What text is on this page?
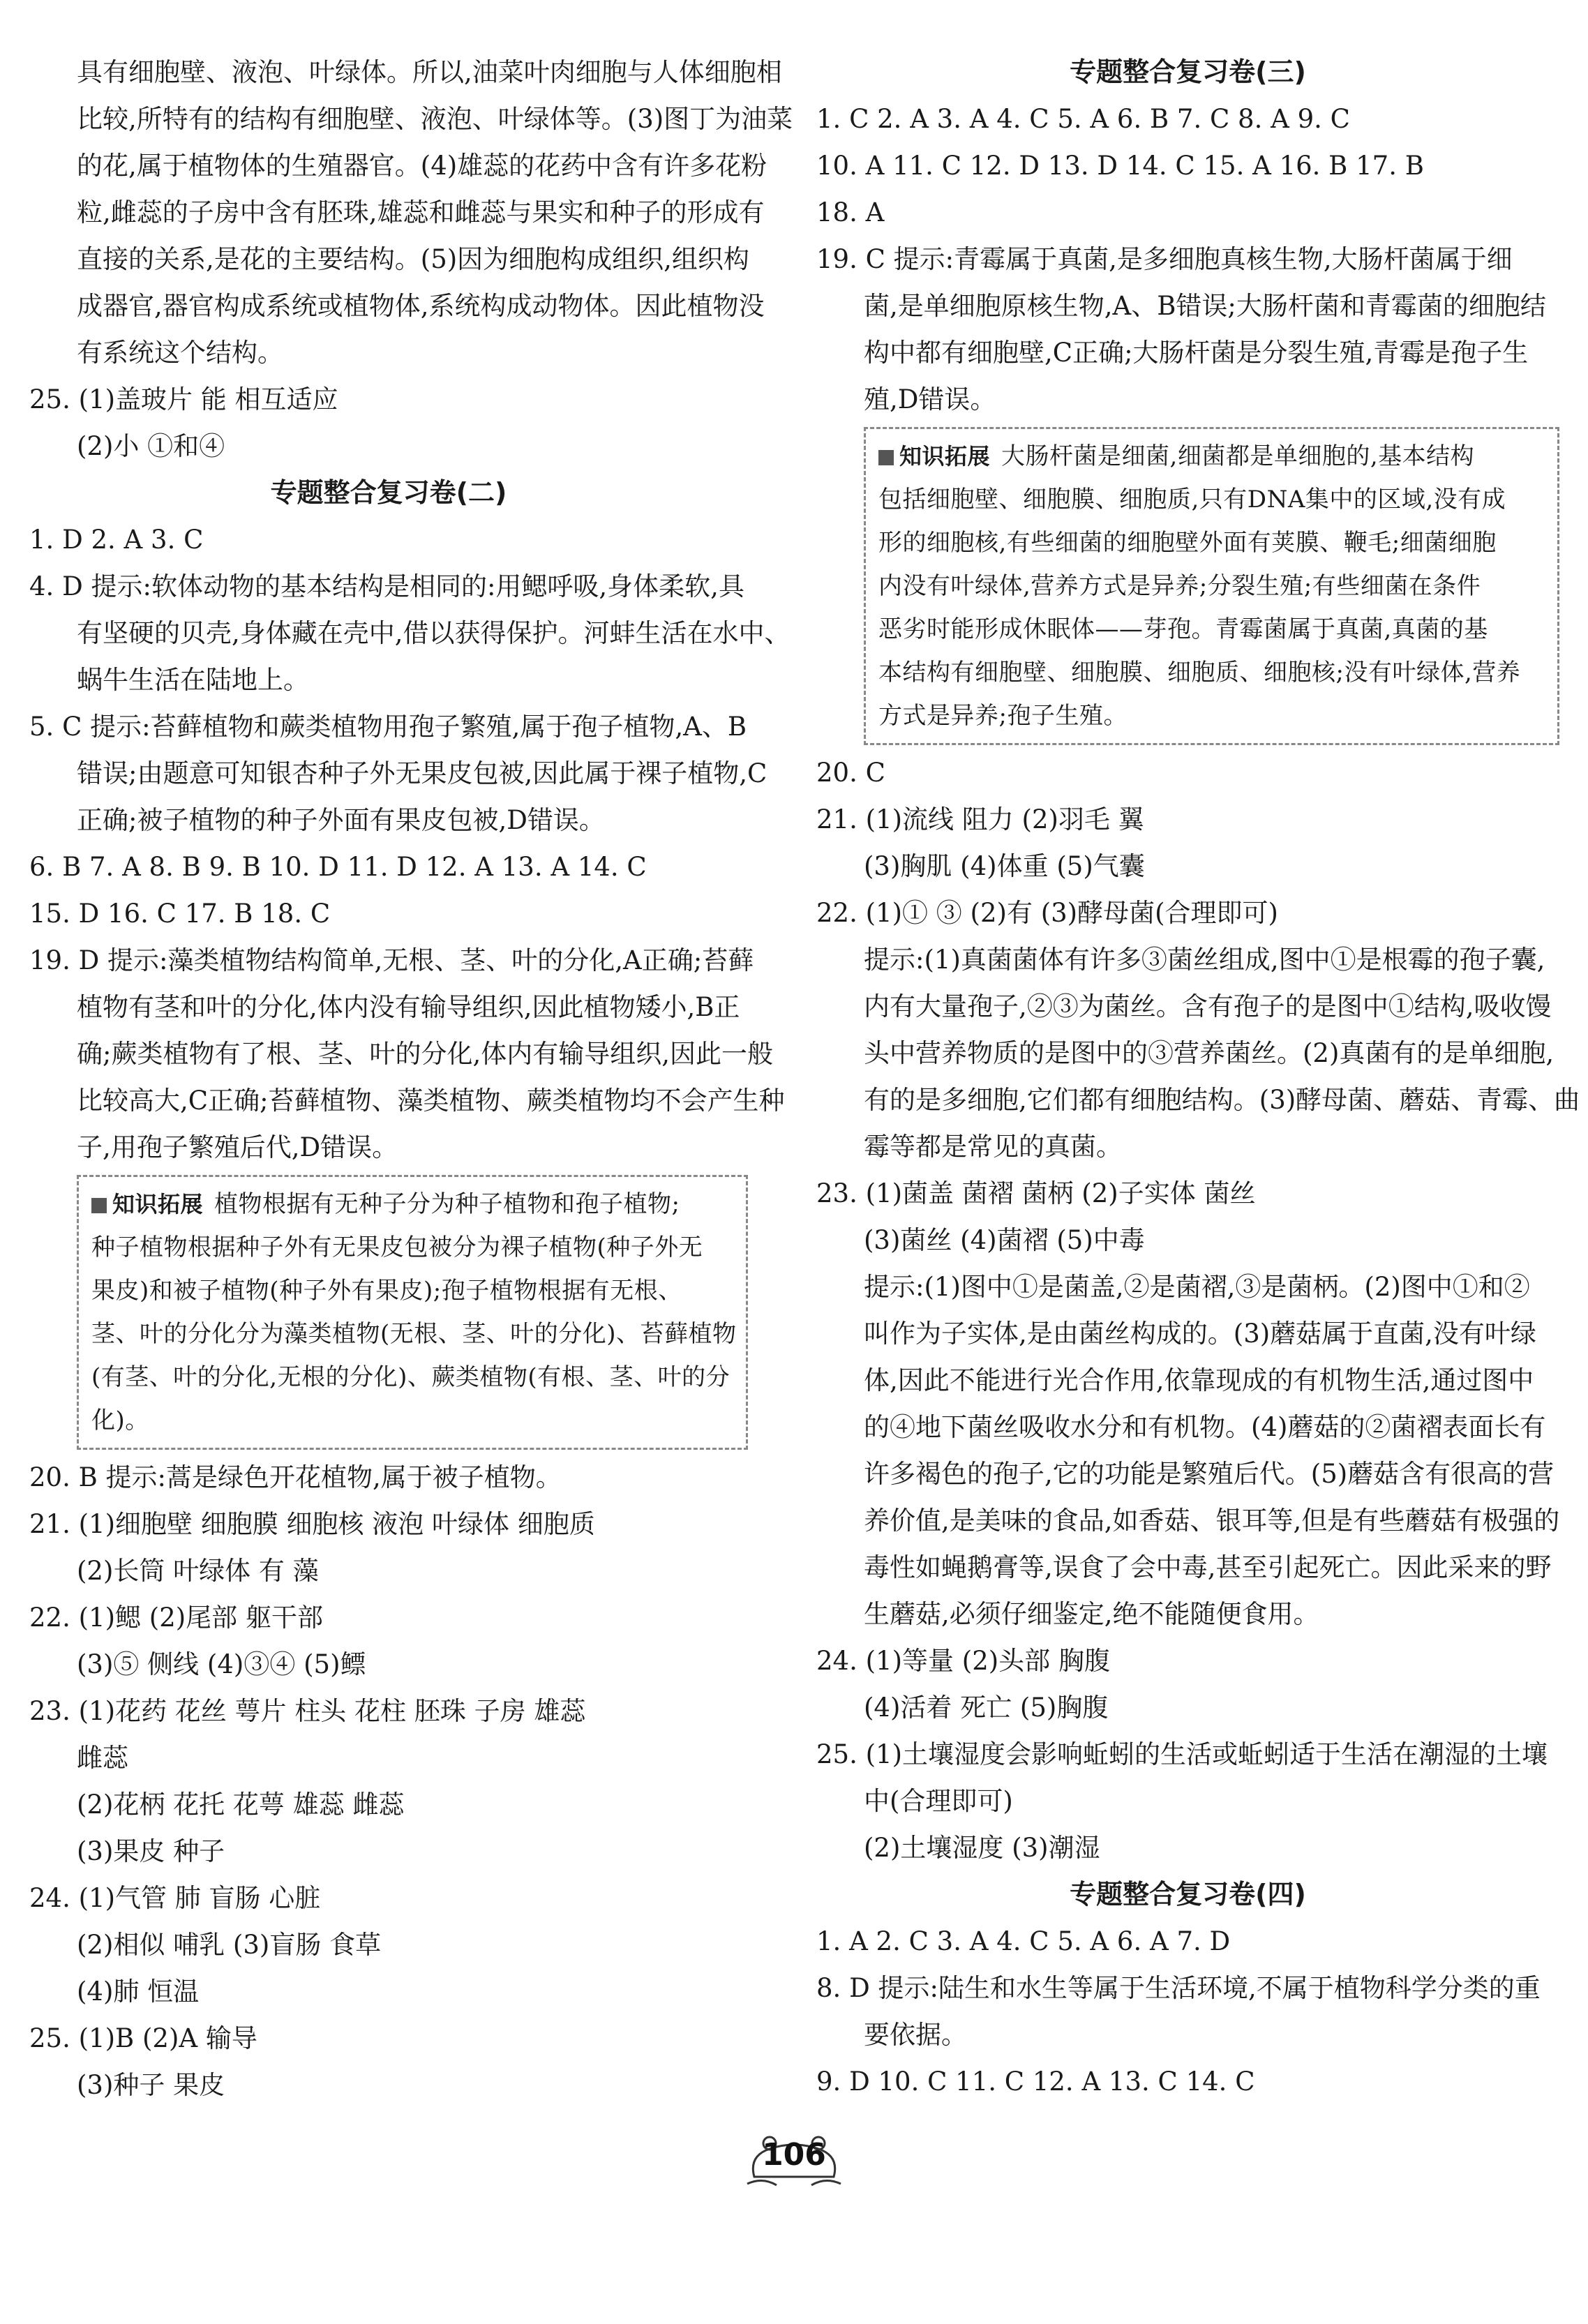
具有细胞壁、液泡、叶绿体。所以,油菜叶肉细胞与人体细胞相
比较,所特有的结构有细胞壁、液泡、叶绿体等。(3)图丁为油菜
的花,属于植物体的生殖器官。(4)雄蕊的花药中含有许多花粉
粒,雌蕊的子房中含有胚珠,雄蕊和雌蕊与果实和种子的形成有
直接的关系,是花的主要结构。(5)因为细胞构成组织,组织构
成器官,器官构成系统或植物体,系统构成动物体。因此植物没
有系统这个结构。
25. (1)盖玻片 能 相互适应
(2)小 ①和④
专题整合复习卷(二)
1. D 2. A 3. C
4. D 提示:软体动物的基本结构是相同的:用鳃呼吸,身体柔软,具
有坚硬的贝壳,身体藏在壳中,借以获得保护。河蚌生活在水中、
蜗牛生活在陆地上。
5. C 提示:苔藓植物和蕨类植物用孢子繁殖,属于孢子植物,A、B
错误;由题意可知银杏种子外无果皮包被,因此属于裸子植物,C
正确;被子植物的种子外面有果皮包被,D错误。
6. B 7. A 8. B 9. B 10. D 11. D 12. A 13. A 14. C
15. D 16. C 17. B 18. C
19. D 提示:藻类植物结构简单,无根、茎、叶的分化,A正确;苔藓
植物有茎和叶的分化,体内没有输导组织,因此植物矮小,B正
确;蕨类植物有了根、茎、叶的分化,体内有输导组织,因此一般
比较高大,C正确;苔藓植物、藻类植物、蕨类植物均不会产生种
子,用孢子繁殖后代,D错误。
知识拓展 植物根据有无种子分为种子植物和孢子植物;
种子植物根据种子外有无果皮包被分为裸子植物(种子外无
果皮)和被子植物(种子外有果皮);孢子植物根据有无根、
茎、叶的分化分为藻类植物(无根、茎、叶的分化)、苔藓植物
(有茎、叶的分化,无根的分化)、蕨类植物(有根、茎、叶的分
化)。
20. B 提示:蒿是绿色开花植物,属于被子植物。
21. (1)细胞壁 细胞膜 细胞核 液泡 叶绿体 细胞质
(2)长筒 叶绿体 有 藻
22. (1)鳃 (2)尾部 躯干部
(3)⑤ 侧线 (4)③④ (5)鳔
23. (1)花药 花丝 萼片 柱头 花柱 胚珠 子房 雄蕊
雌蕊
(2)花柄 花托 花萼 雄蕊 雌蕊
(3)果皮 种子
24. (1)气管 肺 盲肠 心脏
(2)相似 哺乳 (3)盲肠 食草
(4)肺 恒温
25. (1)B (2)A 输导
(3)种子 果皮
专题整合复习卷(三)
1. C 2. A 3. A 4. C 5. A 6. B 7. C 8. A 9. C
10. A 11. C 12. D 13. D 14. C 15. A 16. B 17. B
18. A
19. C 提示:青霉属于真菌,是多细胞真核生物,大肠杆菌属于细
菌,是单细胞原核生物,A、B错误;大肠杆菌和青霉菌的细胞结
构中都有细胞壁,C正确;大肠杆菌是分裂生殖,青霉是孢子生
殖,D错误。
知识拓展 大肠杆菌是细菌,细菌都是单细胞的,基本结构
包括细胞壁、细胞膜、细胞质,只有DNA集中的区域,没有成
形的细胞核,有些细菌的细胞壁外面有荚膜、鞭毛;细菌细胞
内没有叶绿体,营养方式是异养;分裂生殖;有些细菌在条件
恶劣时能形成休眠体——芽孢。青霉菌属于真菌,真菌的基
本结构有细胞壁、细胞膜、细胞质、细胞核;没有叶绿体,营养
方式是异养;孢子生殖。
20. C
21. (1)流线 阻力 (2)羽毛 翼
(3)胸肌 (4)体重 (5)气囊
22. (1)① ③ (2)有 (3)酵母菌(合理即可)
提示:(1)真菌菌体有许多③菌丝组成,图中①是根霉的孢子囊,
内有大量孢子,②③为菌丝。含有孢子的是图中①结构,吸收馒
头中营养物质的是图中的③营养菌丝。(2)真菌有的是单细胞,
有的是多细胞,它们都有细胞结构。(3)酵母菌、蘑菇、青霉、曲
霉等都是常见的真菌。
23. (1)菌盖 菌褶 菌柄 (2)子实体 菌丝
(3)菌丝 (4)菌褶 (5)中毒
提示:(1)图中①是菌盖,②是菌褶,③是菌柄。(2)图中①和②
叫作为子实体,是由菌丝构成的。(3)蘑菇属于直菌,没有叶绿
体,因此不能进行光合作用,依靠现成的有机物生活,通过图中
的④地下菌丝吸收水分和有机物。(4)蘑菇的②菌褶表面长有
许多褐色的孢子,它的功能是繁殖后代。(5)蘑菇含有很高的营
养价值,是美味的食品,如香菇、银耳等,但是有些蘑菇有极强的
毒性如蝇鹅膏等,误食了会中毒,甚至引起死亡。因此采来的野
生蘑菇,必须仔细鉴定,绝不能随便食用。
24. (1)等量 (2)头部 胸腹
(4)活着 死亡 (5)胸腹
25. (1)土壤湿度会影响蚯蚓的生活或蚯蚓适于生活在潮湿的土壤
中(合理即可)
(2)土壤湿度 (3)潮湿
专题整合复习卷(四)
1. A 2. C 3. A 4. C 5. A 6. A 7. D
8. D 提示:陆生和水生等属于生活环境,不属于植物科学分类的重
要依据。
9. D 10. C 11. C 12. A 13. C 14. C
106
